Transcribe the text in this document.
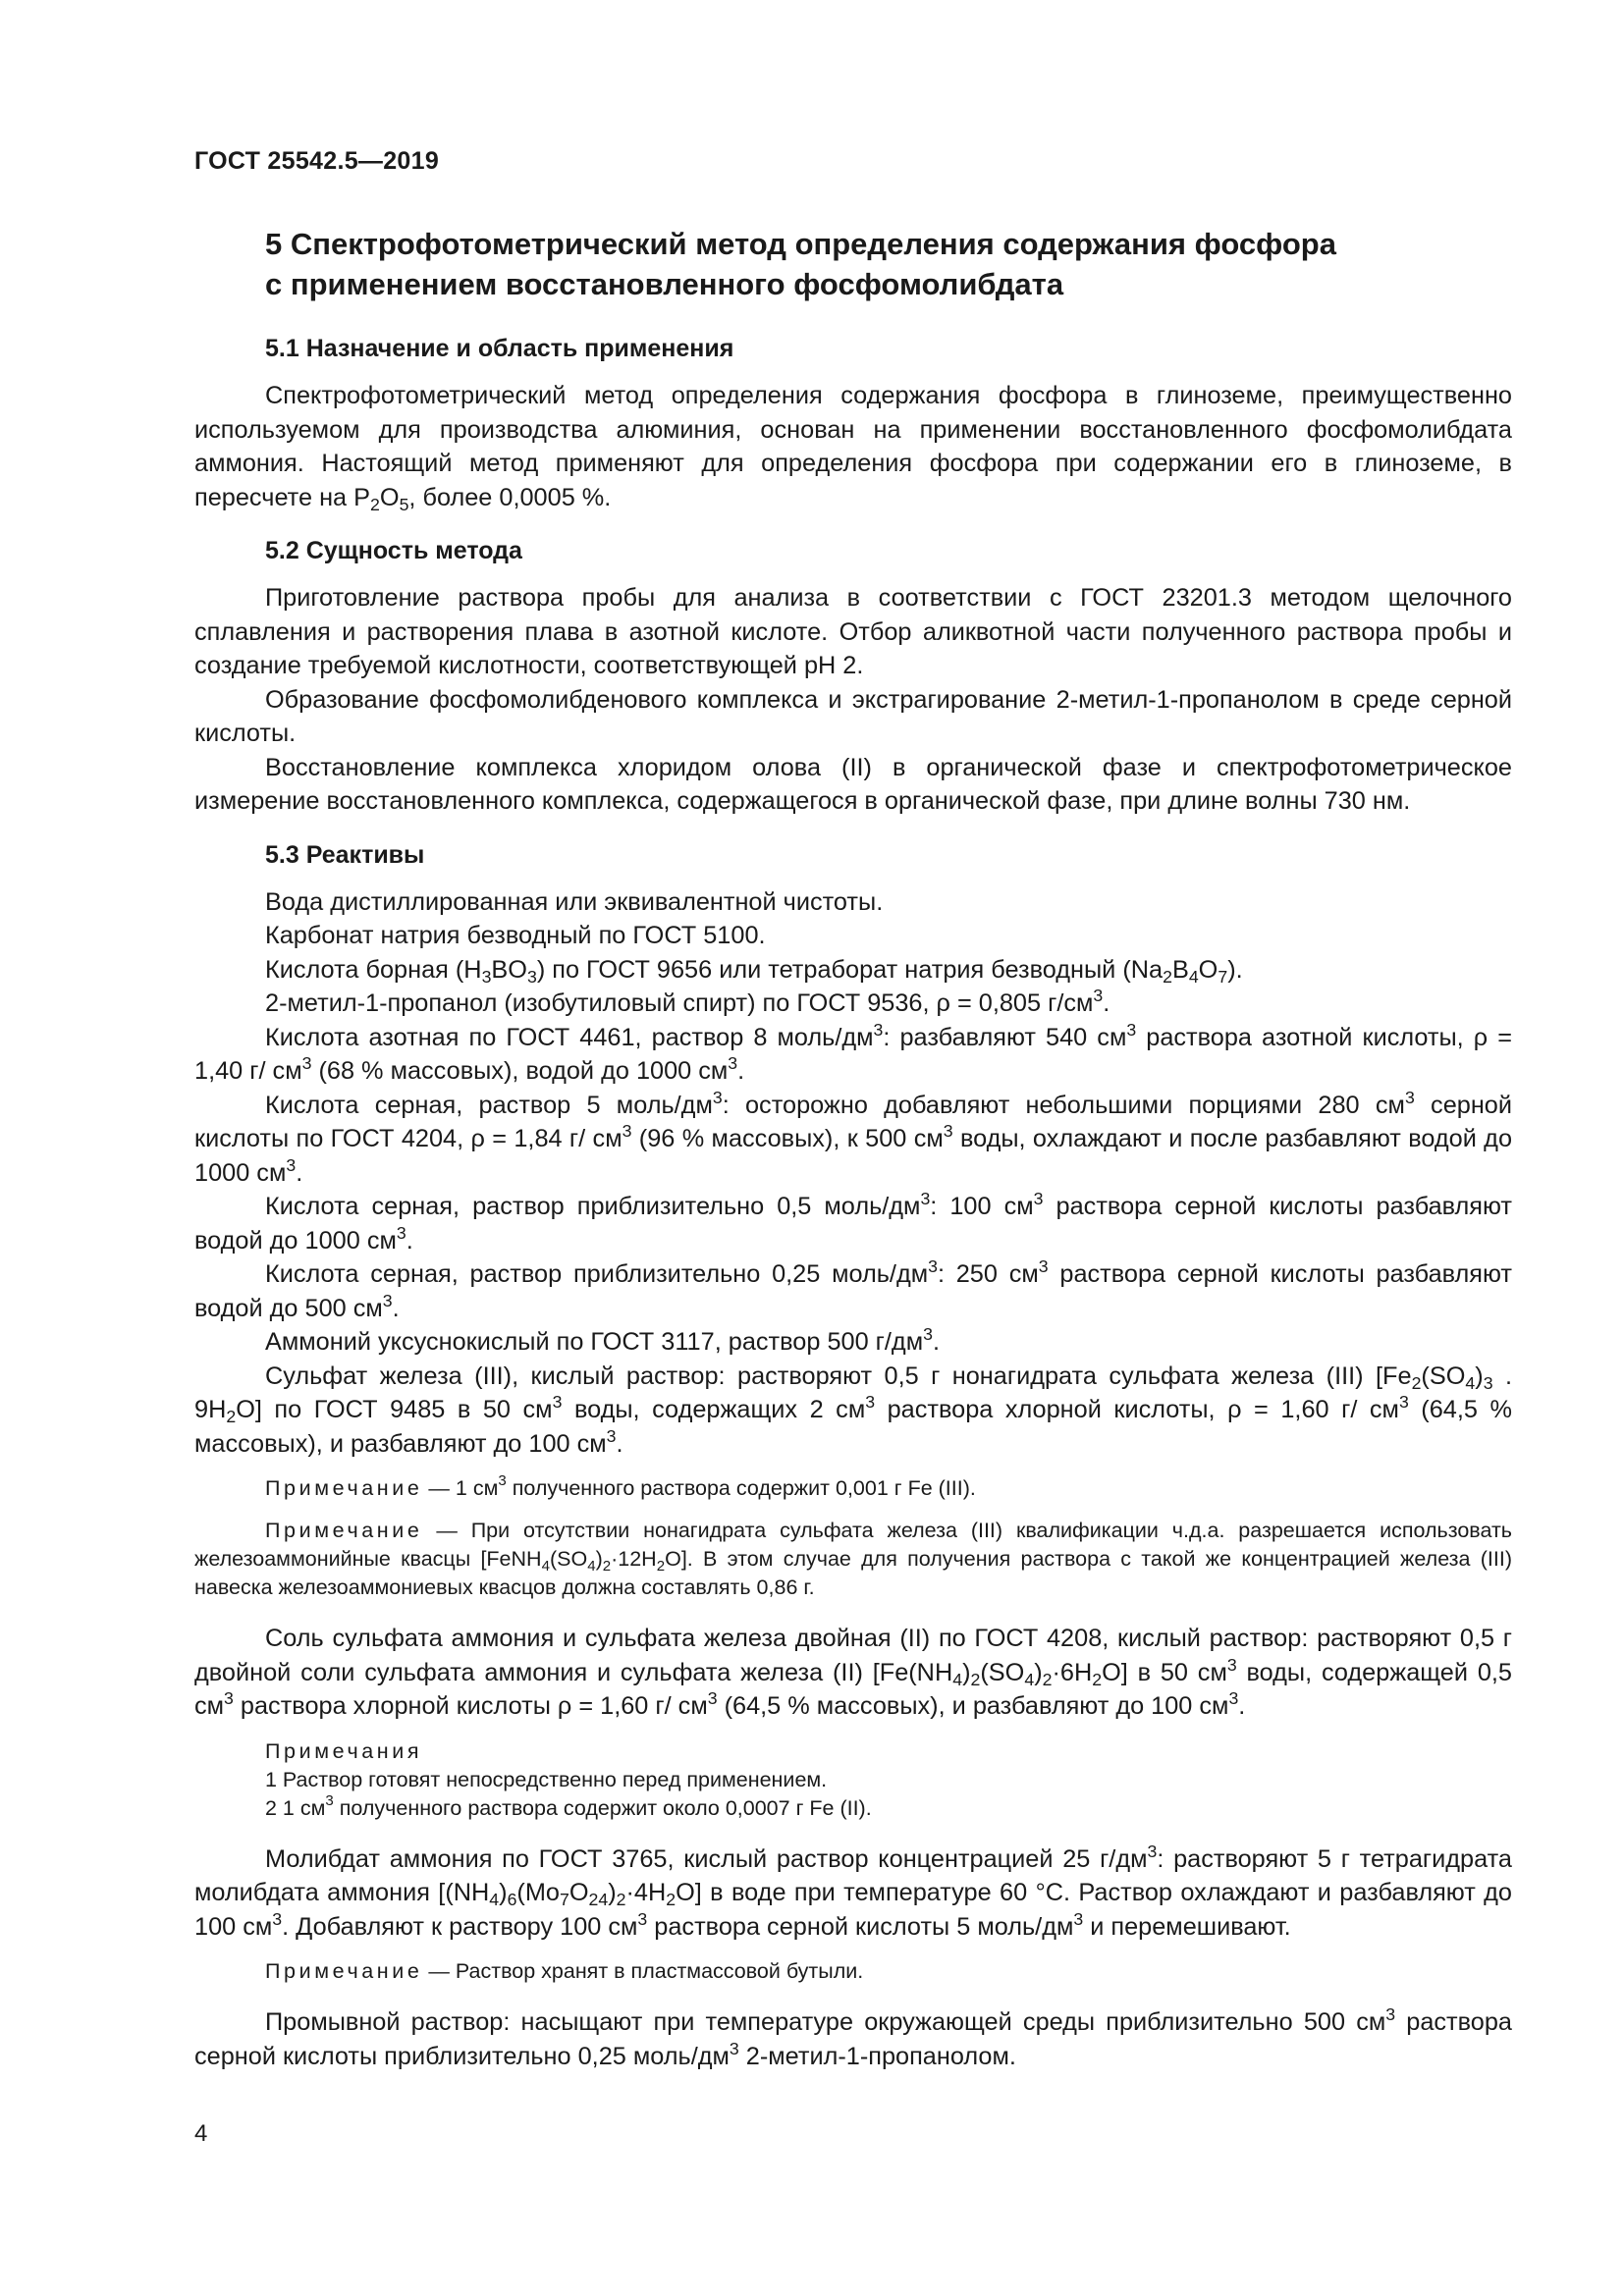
ГОСТ 25542.5—2019
5 Спектрофотометрический метод определения содержания фосфора
с применением восстановленного фосфомолибдата
5.1 Назначение и область применения

Спектрофотометрический метод определения содержания фосфора в глиноземе, преимущественно используемом для производства алюминия, основан на применении восстановленного фосфомолибдата аммония. Настоящий метод применяют для определения фосфора при содержании его в глиноземе, в пересчете на $P_2O_5$, более 0,0005 %.

5.2 Сущность метода

Приготовление раствора пробы для анализа в соответствии с ГОСТ 23201.3 методом щелочного сплавления и растворения плава в азотной кислоте. Отбор аликвотной части полученного раствора пробы и создание требуемой кислотности, соответствующей pH 2.

Образование фосфомолибденового комплекса и экстрагирование 2-метил-1-пропанолом в среде серной кислоты.

Восстановление комплекса хлоридом олова (II) в органической фазе и спектрофотометрическое измерение восстановленного комплекса, содержащегося в органической фазе, при длине волны 730 нм.

5.3 Реактивы

Вода дистиллированная или эквивалентной чистоты.

Карбонат натрия безводный по ГОСТ 5100.

Кислота борная $(H_3BO_3)$ по ГОСТ 9656 или тетраборат натрия безводный $(Na_2B_4O_7)$.

2-метил-1-пропанол (изобутиловый спирт) по ГОСТ 9536, ρ = 0,805 $г/см^3$.

Кислота азотная по ГОСТ 4461, раствор 8 моль/$дм^3$: разбавляют 540 $см^3$ раствора азотной кислоты, ρ = 1,40 г/ $см^3$ (68 % массовых), водой до 1000 $см^3$.

Кислота серная, раствор 5 моль/$дм^3$: осторожно добавляют небольшими порциями 280 $см^3$ серной кислоты по ГОСТ 4204, ρ = 1,84 г/ $см^3$ (96 % массовых), к 500 $см^3$ воды, охлаждают и после разбавляют водой до 1000 $см^3$.

Кислота серная, раствор приблизительно 0,5 моль/$дм^3$: 100 $см^3$ раствора серной кислоты разбавляют водой до 1000 $см^3$.

Кислота серная, раствор приблизительно 0,25 моль/$дм^3$: 250 $см^3$ раствора серной кислоты разбавляют водой до 500 $см^3$.

Аммоний уксуснокислый по ГОСТ 3117, раствор 500 $г/дм^3$.

Сульфат железа (III), кислый раствор: растворяют 0,5 г нонагидрата сульфата железа (III) [$Fe_2(SO_4)_3$ . $9H_2O$] по ГОСТ 9485 в 50 $см^3$ воды, содержащих 2 $см^3$ раствора хлорной кислоты, ρ = 1,60 г/ $см^3$ (64,5 % массовых), и разбавляют до 100 $см^3$.

Примечание — 1 $см^3$ полученного раствора содержит 0,001 г Fe (III).

Примечание — При отсутствии нонагидрата сульфата железа (III) квалификации ч.д.а. разрешается использовать железоаммонийные квасцы $[FeNH_4(SO_4)_2\cdot 12H_2O]$. В этом случае для получения раствора с такой же концентрацией железа (III) навеска железоаммониевых квасцов должна составлять 0,86 г.

Соль сульфата аммония и сульфата железа двойная (II) по ГОСТ 4208, кислый раствор: растворяют 0,5 г двойной соли сульфата аммония и сульфата железа (II) $[Fe(NH_4)_2(SO_4)_2\cdot 6H_2O]$ в 50 $см^3$ воды, содержащей 0,5 $см^3$ раствора хлорной кислоты ρ = 1,60 г/ $см^3$ (64,5 % массовых), и разбавляют до 100 $см^3$.

Примечания
1 Раствор готовят непосредственно перед применением.
2 1 $см^3$ полученного раствора содержит около 0,0007 г Fe (II).

Молибдат аммония по ГОСТ 3765, кислый раствор концентрацией 25 $г/дм^3$: растворяют 5 г тетрагидрата молибдата аммония $[(NH_4)_6(Mo_7O_{24})_2\cdot 4H_2O]$ в воде при температуре 60 °С. Раствор охлаждают и разбавляют до 100 $см^3$. Добавляют к раствору 100 $см^3$ раствора серной кислоты 5 моль/$дм^3$ и перемешивают.

Примечание — Раствор хранят в пластмассовой бутыли.

Промывной раствор: насыщают при температуре окружающей среды приблизительно 500 $см^3$ раствора серной кислоты приблизительно 0,25 моль/$дм^3$ 2-метил-1-пропанолом.

4
